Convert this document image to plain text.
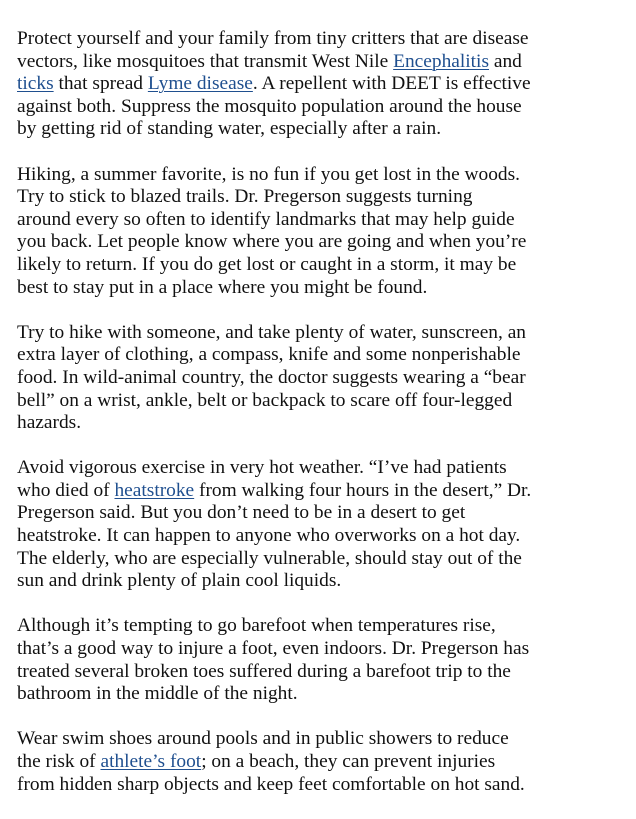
Protect yourself and your family from tiny critters that are disease
vectors, like mosquitoes that transmit West Nile Encephalitis and
ticks that spread Lyme disease. A repellent with DEET is effective
against both. Suppress the mosquito population around the house
by getting rid of standing water, especially after a rain.

Hiking, a summer favorite, is no fun if you get lost in the woods.
Try to stick to blazed trails. Dr. Pregerson suggests turning
around every so often to identify landmarks that may help guide
you back. Let people know where you are going and when you’re
likely to return. If you do get lost or caught in a storm, it may be
best to stay put in a place where you might be found.

Try to hike with someone, and take plenty of water, sunscreen, an
extra layer of clothing, a compass, knife and some nonperishable
food. In wild-animal country, the doctor suggests wearing a “bear
bell” on a wrist, ankle, belt or backpack to scare off four-legged
hazards.

Avoid vigorous exercise in very hot weather. “I’ve had patients
who died of heatstroke from walking four hours in the desert,” Dr.
Pregerson said. But you don’t need to be in a desert to get
heatstroke. It can happen to anyone who overworks on a hot day.
The elderly, who are especially vulnerable, should stay out of the
sun and drink plenty of plain cool liquids.

Although it’s tempting to go barefoot when temperatures rise,
that’s a good way to injure a foot, even indoors. Dr. Pregerson has
treated several broken toes suffered during a barefoot trip to the
bathroom in the middle of the night.

Wear swim shoes around pools and in public showers to reduce
the risk of athlete’s foot; on a beach, they can prevent injuries
from hidden sharp objects and keep feet comfortable on hot sand.
